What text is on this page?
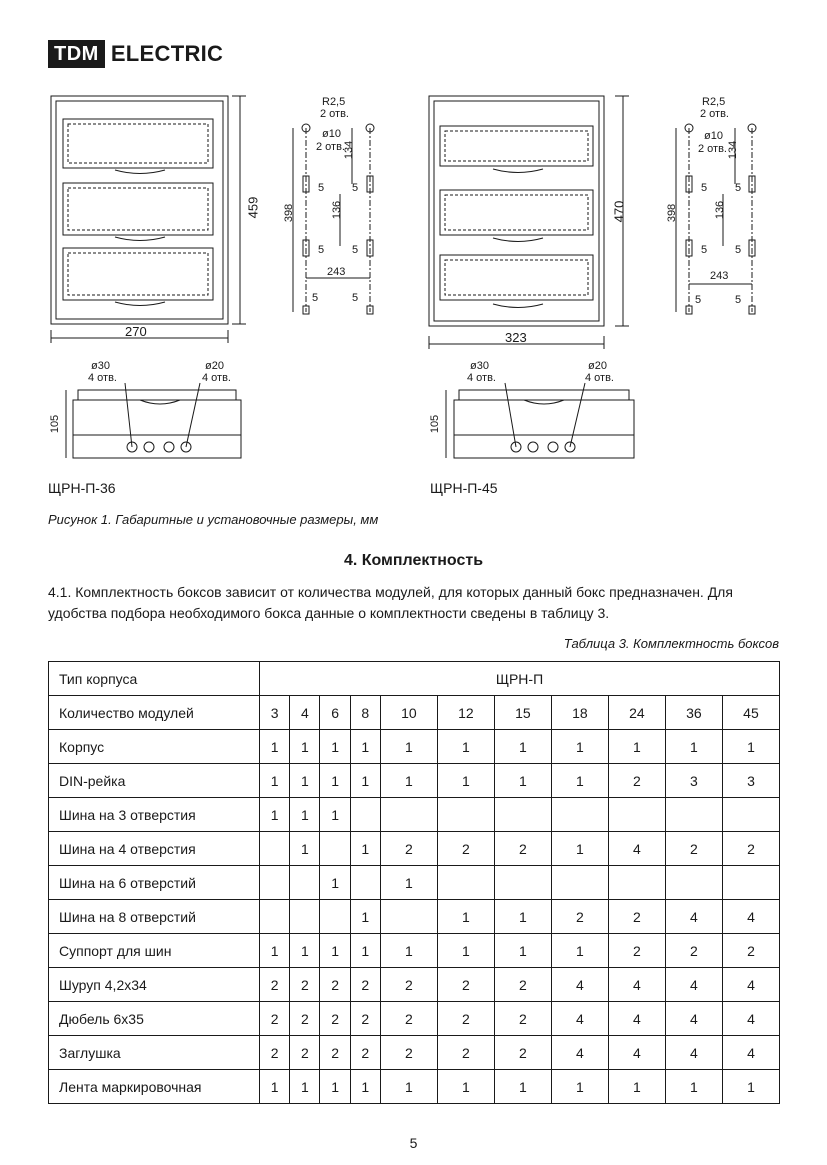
TDM ELECTRIC
270
459
R2,5
2 отв.
ø10
2 отв.
134
398	136
5	5
5	5
243
5	5
ø30
4 отв.
ø20
4 отв.
105
323
470
R2,5
2 отв.
ø10
2 отв. 134
398	136
5	5
5	5
243
5	5
ø30
4 отв.
ø20
4 отв.
105
ЩРН-П-36	ЩРН-П-45
Рисунок 1. Габаритные и установочные размеры, мм
4. Комплектность
4.1. Комплектность боксов зависит от количества модулей, для которых данный бокс предназначен. Для удобства подбора необходимого бокса данные о комплектности сведены в таблицу 3.
Таблица 3. Комплектность боксов
Тип корпуса	ЩРН-П										
Количество модулей	3	4	6	8	10	12	15	18	24	36	45
Корпус	1	1	1	1	1	1	1	1	1	1	1
DIN-рейка	1	1	1	1	1	1	1	1	2	3	3
Шина на 3 отверстия	1	1	1								
Шина на 4 отверстия		1		1	2	2	2	1	4	2	2
Шина на 6 отверстий			1		1						
Шина на 8 отверстий				1		1	1	2	2	4	4
Суппорт для шин	1	1	1	1	1	1	1	1	2	2	2
Шуруп 4,2х34	2	2	2	2	2	2	2	4	4	4	4
Дюбель 6х35	2	2	2	2	2	2	2	4	4	4	4
Заглушка	2	2	2	2	2	2	2	4	4	4	4
Лента маркировочная	1	1	1	1	1	1	1	1	1	1	1
5
